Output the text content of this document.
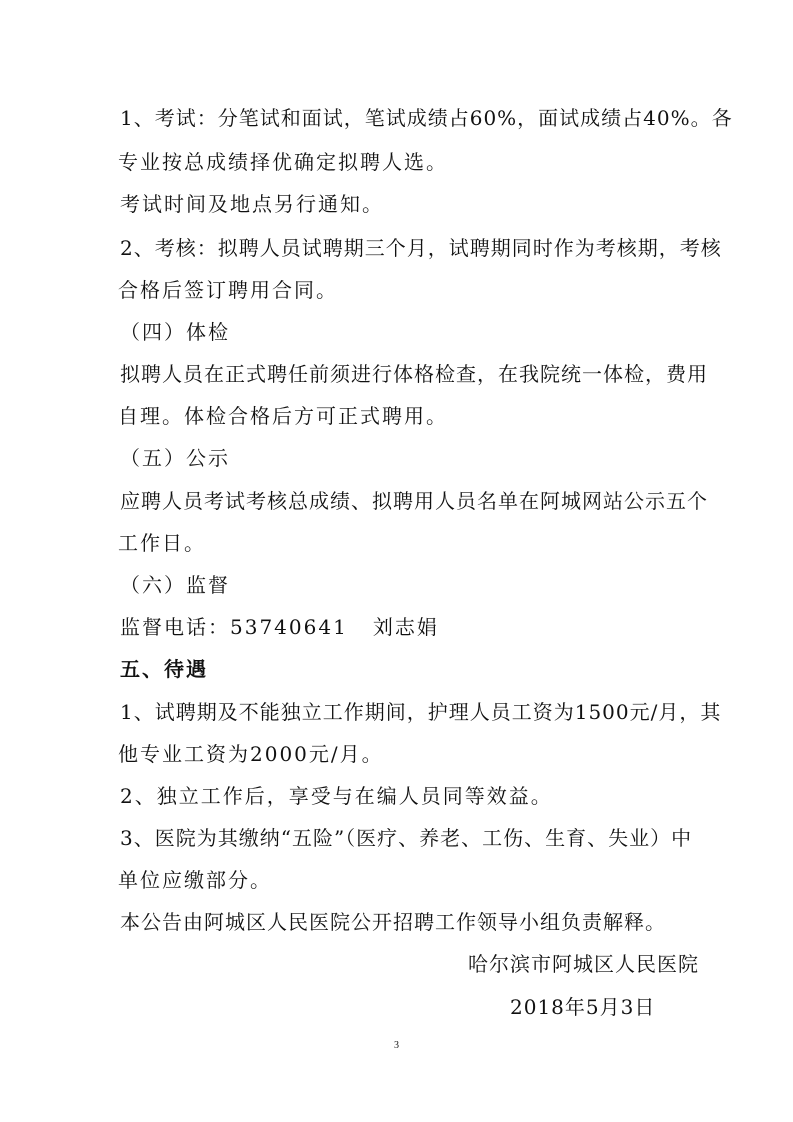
1、考试：分笔试和面试，笔试成绩占60%，面试成绩占40%。各
专业按总成绩择优确定拟聘人选。
考试时间及地点另行通知。
2、考核：拟聘人员试聘期三个月，试聘期同时作为考核期，考核
合格后签订聘用合同。
（四）体检
拟聘人员在正式聘任前须进行体格检查，在我院统一体检，费用
自理。体检合格后方可正式聘用。
（五）公示
应聘人员考试考核总成绩、拟聘用人员名单在阿城网站公示五个
工作日。
（六）监督
监督电话：53740641   刘志娟
五、待遇
1、试聘期及不能独立工作期间，护理人员工资为1500元/月，其
他专业工资为2000元/月。
2、独立工作后，享受与在编人员同等效益。
3、医院为其缴纳“五险”（医疗、养老、工伤、生育、失业）中
单位应缴部分。
本公告由阿城区人民医院公开招聘工作领导小组负责解释。
哈尔滨市阿城区人民医院
2018年5月3日
3
